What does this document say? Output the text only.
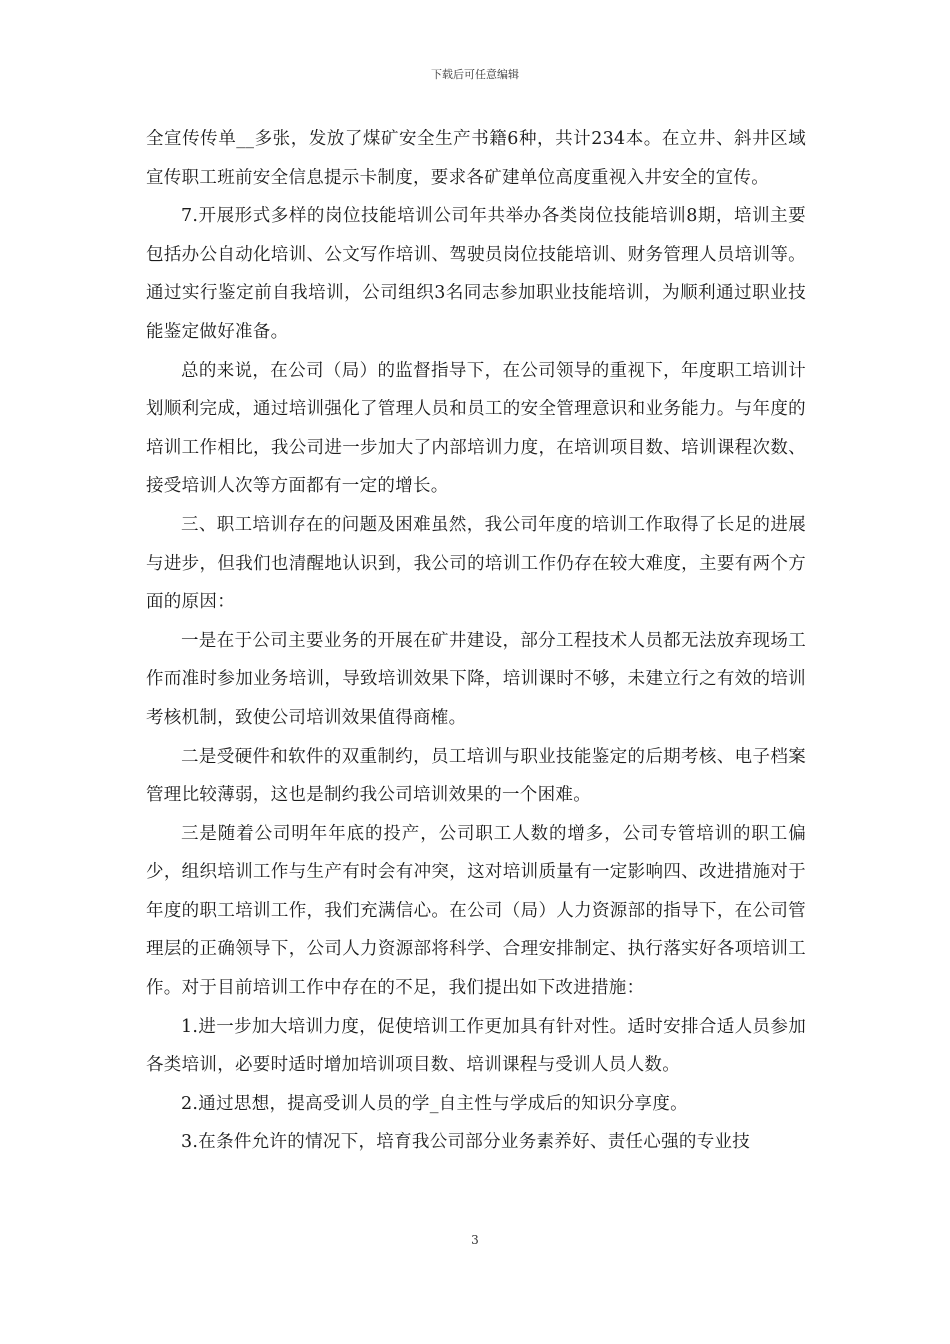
下载后可任意编辑

全宣传传单__多张，发放了煤矿安全生产书籍6种，共计234本。在立井、斜井区域宣传职工班前安全信息提示卡制度，要求各矿建单位高度重视入井安全的宣传。

7.开展形式多样的岗位技能培训公司年共举办各类岗位技能培训8期，培训主要包括办公自动化培训、公文写作培训、驾驶员岗位技能培训、财务管理人员培训等。通过实行鉴定前自我培训，公司组织3名同志参加职业技能培训，为顺利通过职业技能鉴定做好准备。

总的来说，在公司（局）的监督指导下，在公司领导的重视下，年度职工培训计划顺利完成，通过培训强化了管理人员和员工的安全管理意识和业务能力。与年度的培训工作相比，我公司进一步加大了内部培训力度，在培训项目数、培训课程次数、接受培训人次等方面都有一定的增长。

三、职工培训存在的问题及困难虽然，我公司年度的培训工作取得了长足的进展与进步，但我们也清醒地认识到，我公司的培训工作仍存在较大难度，主要有两个方面的原因：

一是在于公司主要业务的开展在矿井建设，部分工程技术人员都无法放弃现场工作而准时参加业务培训，导致培训效果下降，培训课时不够，未建立行之有效的培训考核机制，致使公司培训效果值得商榷。

二是受硬件和软件的双重制约，员工培训与职业技能鉴定的后期考核、电子档案管理比较薄弱，这也是制约我公司培训效果的一个困难。

三是随着公司明年年底的投产，公司职工人数的增多，公司专管培训的职工偏少，组织培训工作与生产有时会有冲突，这对培训质量有一定影响四、改进措施对于年度的职工培训工作，我们充满信心。在公司（局）人力资源部的指导下，在公司管理层的正确领导下，公司人力资源部将科学、合理安排制定、执行落实好各项培训工作。对于目前培训工作中存在的不足，我们提出如下改进措施：

1.进一步加大培训力度，促使培训工作更加具有针对性。适时安排合适人员参加各类培训，必要时适时增加培训项目数、培训课程与受训人员人数。

2.通过思想，提高受训人员的学_自主性与学成后的知识分享度。

3.在条件允许的情况下，培育我公司部分业务素养好、责任心强的专业技

3
